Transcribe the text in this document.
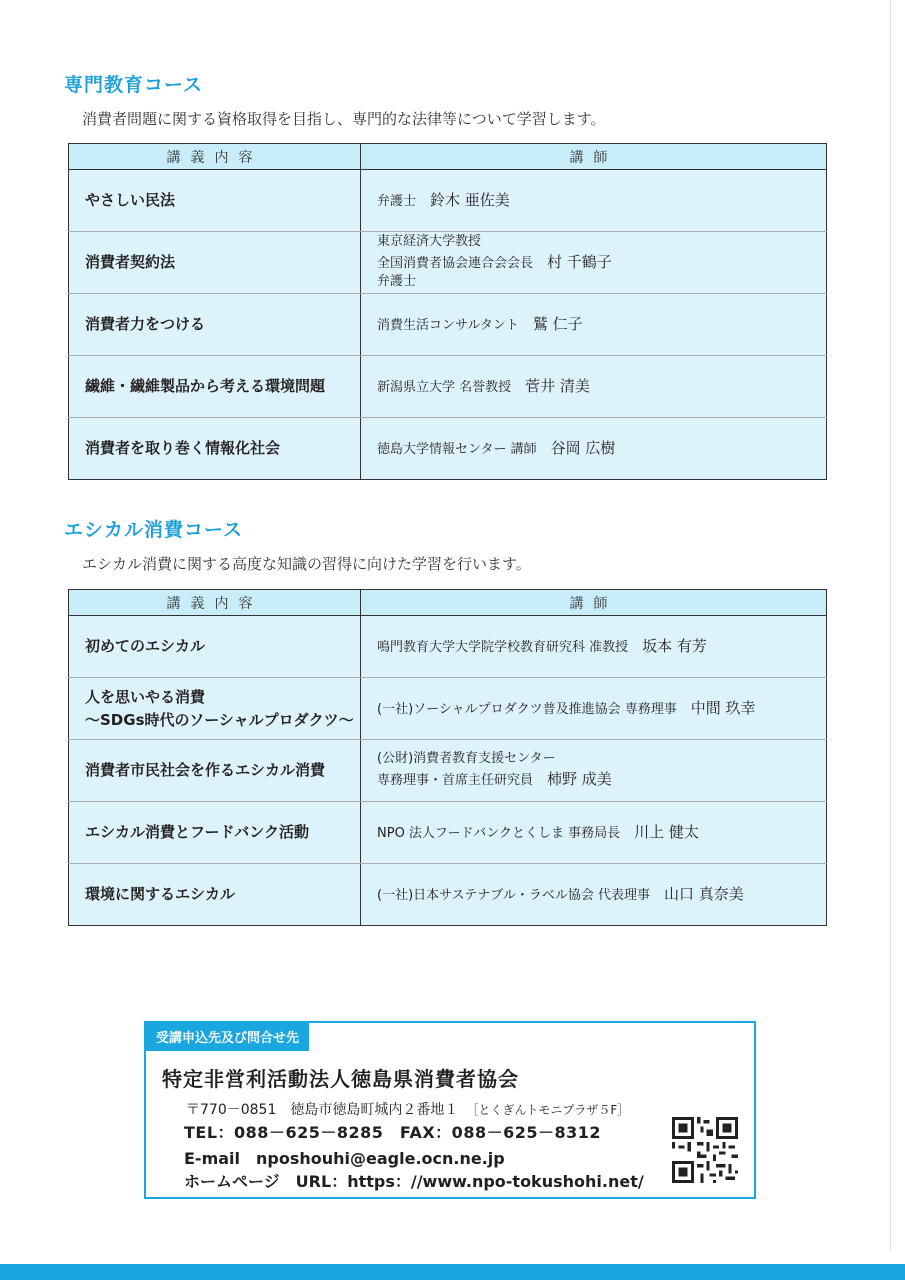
専門教育コース
消費者問題に関する資格取得を目指し、専門的な法律等について学習します。
講義内容	講師

やさしい民法	弁護士 鈴木 亜佐美

消費者契約法	東京経済大学教授
全国消費者協会連合会会長 村 千鶴子
弁護士

消費者力をつける	消費生活コンサルタント 鷲 仁子

繊維・繊維製品から考える環境問題	新潟県立大学 名誉教授 菅井 清美

消費者を取り巻く情報化社会	徳島大学情報センター 講師 谷岡 広樹
エシカル消費コース
エシカル消費に関する高度な知識の習得に向けた学習を行います。
講義内容	講師

初めてのエシカル	鳴門教育大学大学院学校教育研究科 准教授 坂本 有芳

人を思いやる消費
～SDGs時代のソーシャルプロダクツ～	(一社)ソーシャルプロダクツ普及推進協会 専務理事 中間 玖幸

消費者市民社会を作るエシカル消費	(公財)消費者教育支援センター
専務理事・首席主任研究員 柿野 成美

エシカル消費とフードバンク活動	NPO 法人フードバンクとくしま 事務局長 川上 健太

環境に関するエシカル	(一社)日本サステナブル・ラベル協会 代表理事 山口 真奈美
受講申込先及び問合せ先
特定非営利活動法人徳島県消費者協会
〒770－0851　徳島市徳島町城内２番地１ ［とくぎんトモニプラザ５F］
TEL：088－625－8285　FAX：088－625－8312
E-mail　nposhouhi@eagle.ocn.ne.jp
ホームページ　URL：https：//www.npo-tokushohi.net/
